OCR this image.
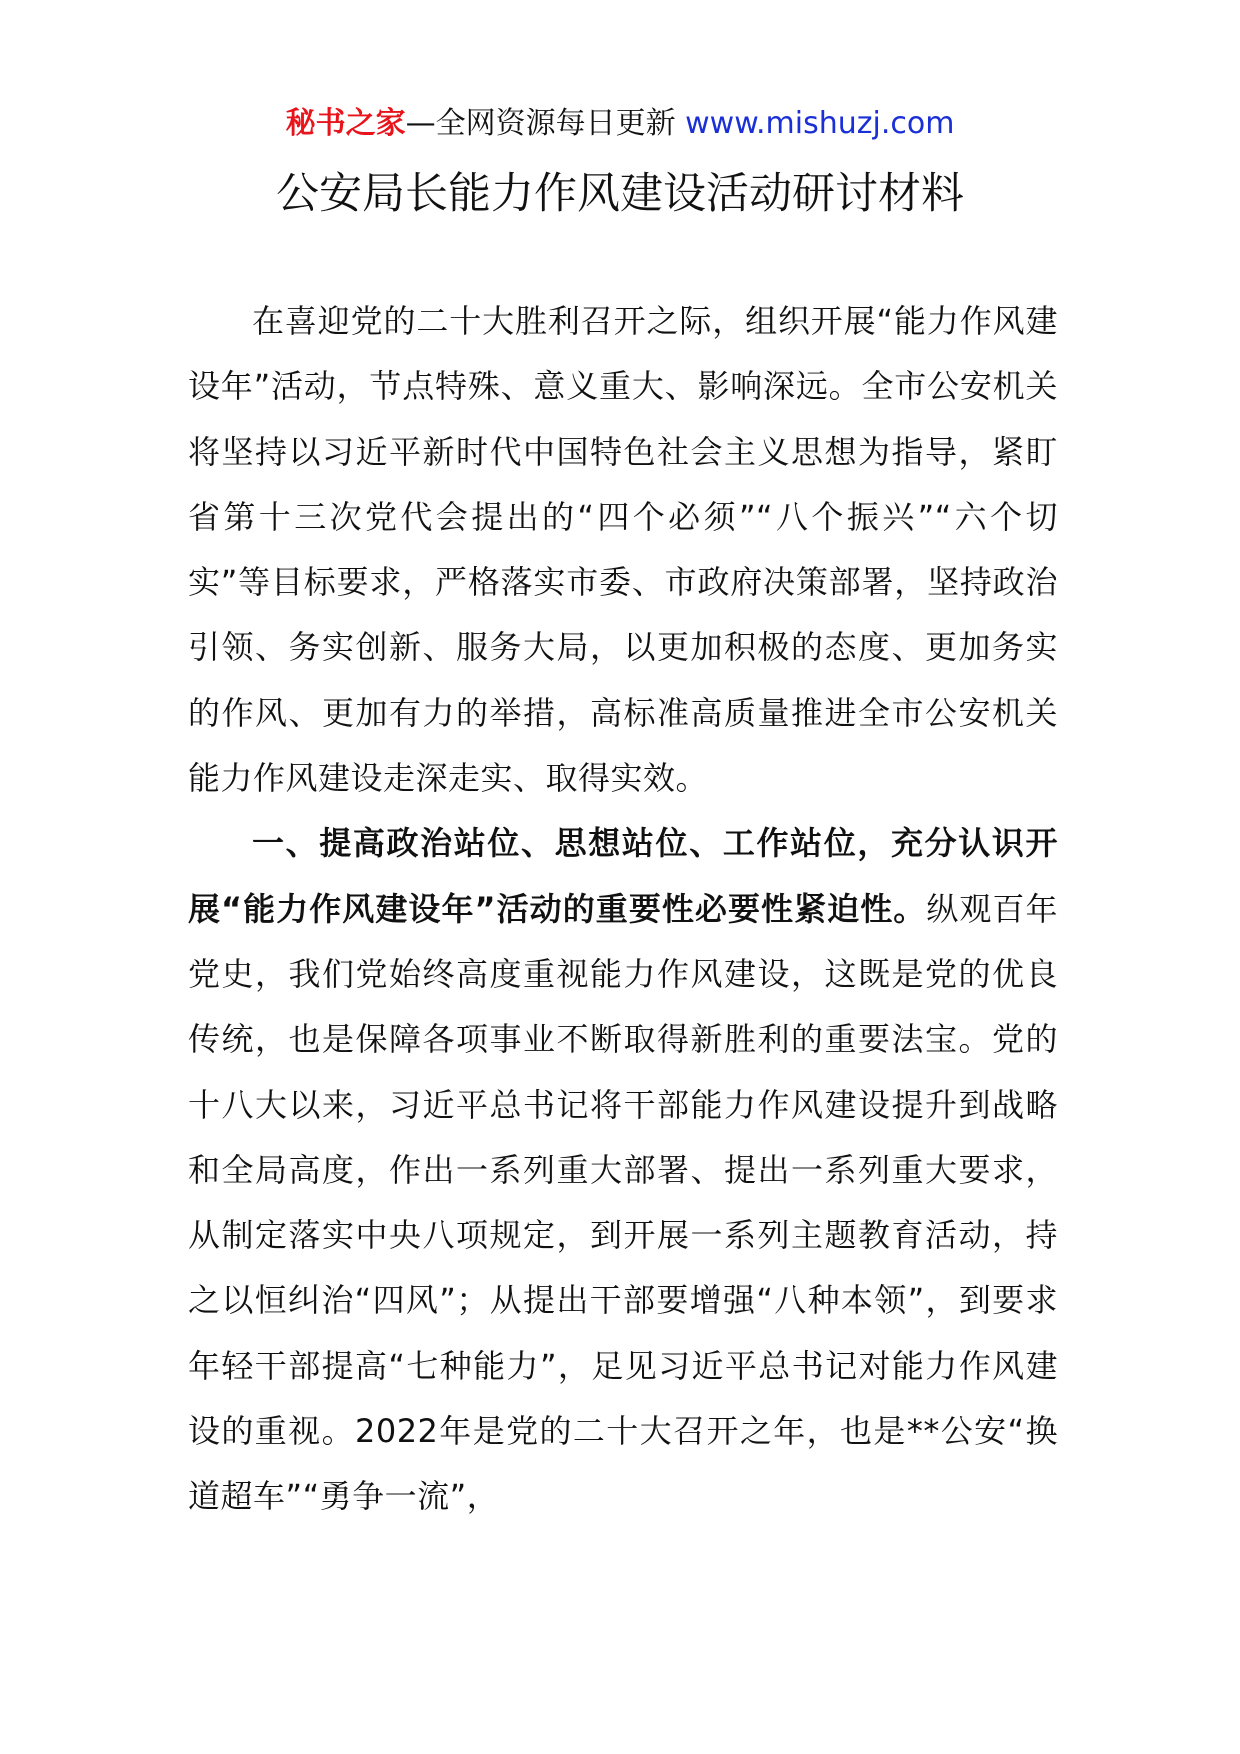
秘书之家—全网资源每日更新 www.mishuzj.com
公安局长能力作风建设活动研讨材料

在喜迎党的二十大胜利召开之际，组织开展“能力作风建设年”活动，节点特殊、意义重大、影响深远。全市公安机关将坚持以习近平新时代中国特色社会主义思想为指导，紧盯省第十三次党代会提出的“四个必须”“八个振兴”“六个切实”等目标要求，严格落实市委、市政府决策部署，坚持政治引领、务实创新、服务大局，以更加积极的态度、更加务实的作风、更加有力的举措，高标准高质量推进全市公安机关能力作风建设走深走实、取得实效。

一、提高政治站位、思想站位、工作站位，充分认识开展“能力作风建设年”活动的重要性必要性紧迫性。纵观百年党史，我们党始终高度重视能力作风建设，这既是党的优良传统，也是保障各项事业不断取得新胜利的重要法宝。党的十八大以来，习近平总书记将干部能力作风建设提升到战略和全局高度，作出一系列重大部署、提出一系列重大要求，从制定落实中央八项规定，到开展一系列主题教育活动，持之以恒纠治“四风”；从提出干部要增强“八种本领”，到要求年轻干部提高“七种能力”，足见习近平总书记对能力作风建设的重视。2022年是党的二十大召开之年，也是**公安“换道超车”“勇争一流”，
